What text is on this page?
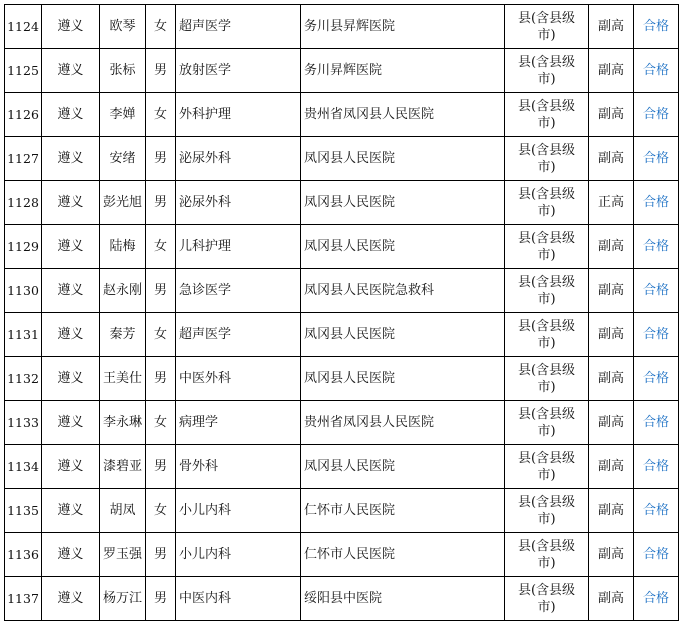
1124	遵义	欧琴	女	超声医学	务川县昇辉医院	县(含县级市)	副高	合格
1125	遵义	张标	男	放射医学	务川昇辉医院	县(含县级市)	副高	合格
1126	遵义	李婵	女	外科护理	贵州省凤冈县人民医院	县(含县级市)	副高	合格
1127	遵义	安绪	男	泌尿外科	凤冈县人民医院	县(含县级市)	副高	合格
1128	遵义	彭光旭	男	泌尿外科	凤冈县人民医院	县(含县级市)	正高	合格
1129	遵义	陆梅	女	儿科护理	凤冈县人民医院	县(含县级市)	副高	合格
1130	遵义	赵永刚	男	急诊医学	凤冈县人民医院急救科	县(含县级市)	副高	合格
1131	遵义	秦芳	女	超声医学	凤冈县人民医院	县(含县级市)	副高	合格
1132	遵义	王美仕	男	中医外科	凤冈县人民医院	县(含县级市)	副高	合格
1133	遵义	李永琳	女	病理学	贵州省凤冈县人民医院	县(含县级市)	副高	合格
1134	遵义	漆碧亚	男	骨外科	凤冈县人民医院	县(含县级市)	副高	合格
1135	遵义	胡凤	女	小儿内科	仁怀市人民医院	县(含县级市)	副高	合格
1136	遵义	罗玉强	男	小儿内科	仁怀市人民医院	县(含县级市)	副高	合格
1137	遵义	杨万江	男	中医内科	绥阳县中医院	县(含县级市)	副高	合格
